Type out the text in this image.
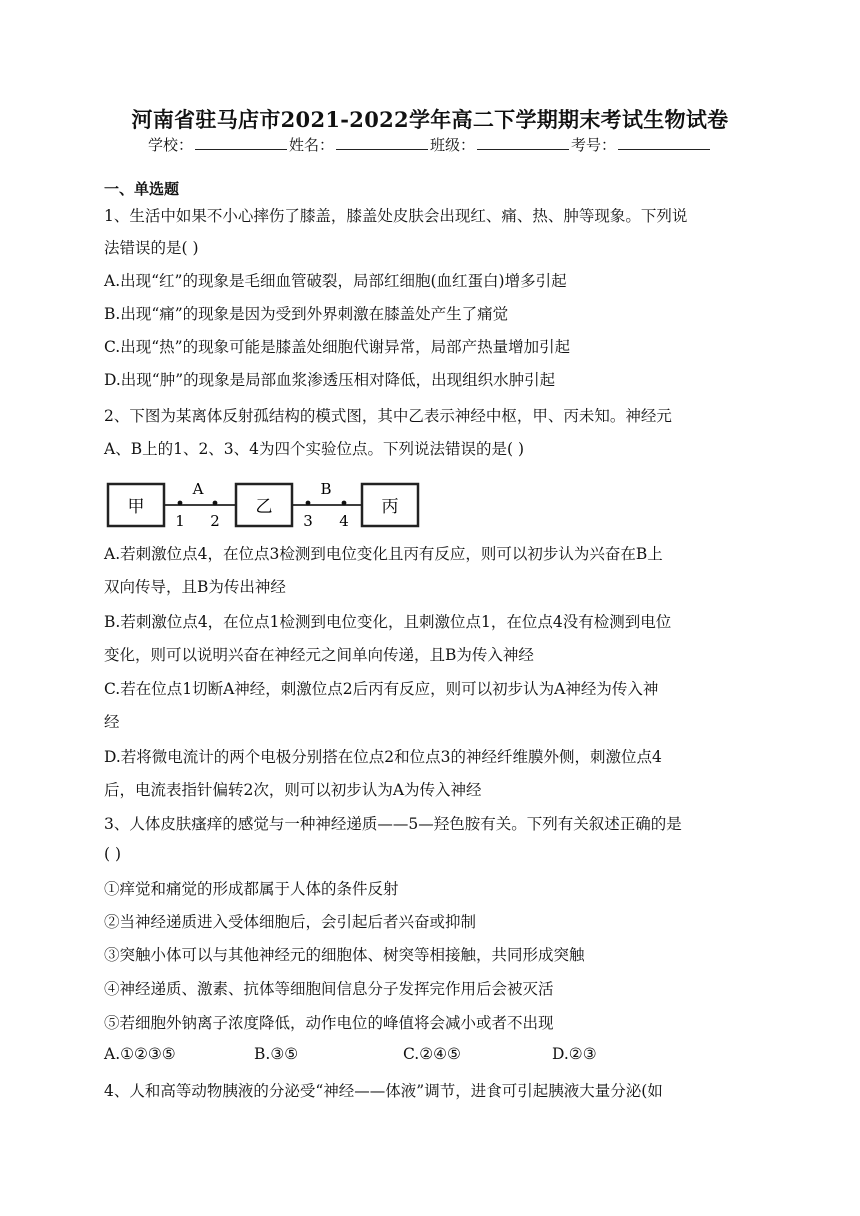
河南省驻马店市2021-2022学年高二下学期期末考试生物试卷
学校：	姓名：	班级：	考号：
一、单选题
1、生活中如果不小心摔伤了膝盖，膝盖处皮肤会出现红、痛、热、肿等现象。下列说
法错误的是( )
A.出现“红”的现象是毛细血管破裂，局部红细胞(血红蛋白)增多引起
B.出现“痛”的现象是因为受到外界刺激在膝盖处产生了痛觉
C.出现“热”的现象可能是膝盖处细胞代谢异常，局部产热量增加引起
D.出现“肿”的现象是局部血浆渗透压相对降低，出现组织水肿引起
2、下图为某离体反射孤结构的模式图，其中乙表示神经中枢，甲、丙未知。神经元
A、B上的1、2、3、4为四个实验位点。下列说法错误的是( )
甲	乙	丙
A	B
1 2	3 4
A.若刺激位点4，在位点3检测到电位变化且丙有反应，则可以初步认为兴奋在B上
双向传导，且B为传出神经
B.若刺激位点4，在位点1检测到电位变化，且刺激位点1，在位点4没有检测到电位
变化，则可以说明兴奋在神经元之间单向传递，且B为传入神经
C.若在位点1切断A神经，刺激位点2后丙有反应，则可以初步认为A神经为传入神
经
D.若将微电流计的两个电极分别搭在位点2和位点3的神经纤维膜外侧，刺激位点4
后，电流表指针偏转2次，则可以初步认为A为传入神经
3、人体皮肤瘙痒的感觉与一种神经递质——5—羟色胺有关。下列有关叙述正确的是
( )
①痒觉和痛觉的形成都属于人体的条件反射
②当神经递质进入受体细胞后，会引起后者兴奋或抑制
③突触小体可以与其他神经元的细胞体、树突等相接触，共同形成突触
④神经递质、激素、抗体等细胞间信息分子发挥完作用后会被灭活
⑤若细胞外钠离子浓度降低，动作电位的峰值将会减小或者不出现
A.①②③⑤	B.③⑤	C.②④⑤	D.②③
4、人和高等动物胰液的分泌受“神经——体液”调节，进食可引起胰液大量分泌(如
